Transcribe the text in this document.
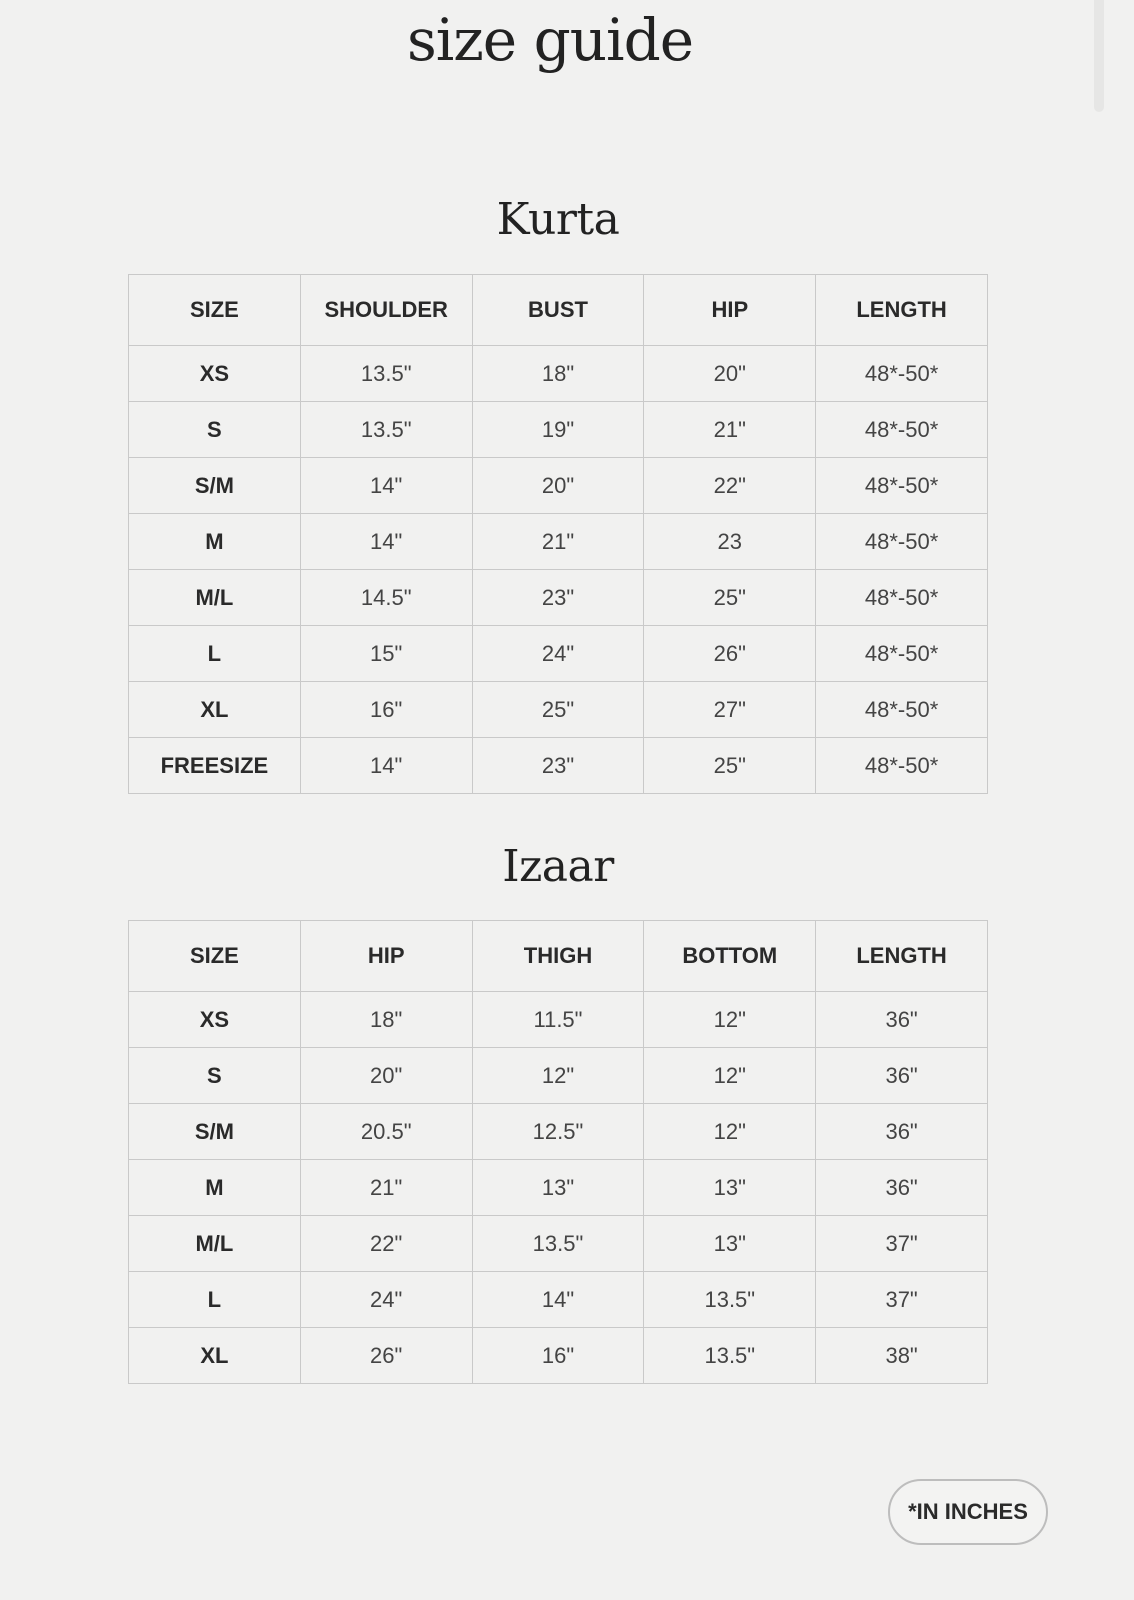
size guide
Kurta
SIZE	SHOULDER	BUST	HIP	LENGTH
XS	13.5"	18"	20"	48*-50*
S	13.5"	19"	21"	48*-50*
S/M	14"	20"	22"	48*-50*
M	14"	21"	23	48*-50*
M/L	14.5"	23"	25"	48*-50*
L	15"	24"	26"	48*-50*
XL	16"	25"	27"	48*-50*
FREESIZE	14"	23"	25"	48*-50*
Izaar
SIZE	HIP	THIGH	BOTTOM	LENGTH
XS	18"	11.5"	12"	36"
S	20"	12"	12"	36"
S/M	20.5"	12.5"	12"	36"
M	21"	13"	13"	36"
M/L	22"	13.5"	13"	37"
L	24"	14"	13.5"	37"
XL	26"	16"	13.5"	38"
*IN INCHES
